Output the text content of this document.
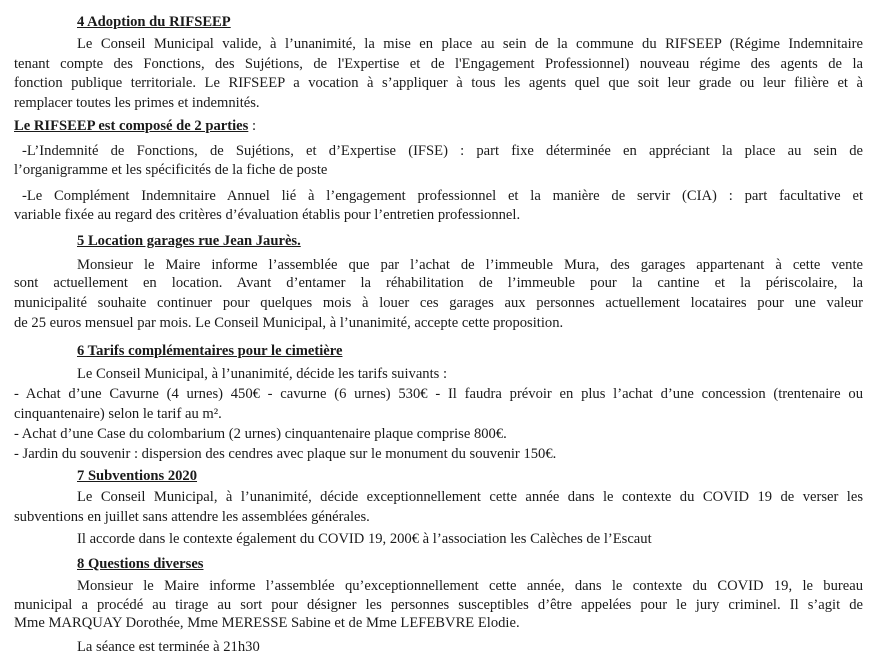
4 Adoption du RIFSEEP
Le Conseil Municipal valide, à l’unanimité, la mise en place au sein de la commune du RIFSEEP (Régime Indemnitaire
tenant compte des Fonctions, des Sujétions, de l'Expertise et de l'Engagement Professionnel) nouveau régime des agents de la
fonction publique territoriale. Le RIFSEEP a vocation à s’appliquer à tous les agents quel que soit leur grade ou leur filière et à
remplacer toutes les primes et indemnités.
Le RIFSEEP est composé de 2 parties :
-L’Indemnité de Fonctions, de Sujétions, et d’Expertise (IFSE) : part fixe déterminée en appréciant la place au sein de
l’organigramme et les spécificités de la fiche de poste
-Le Complément Indemnitaire Annuel lié à l’engagement professionnel et la manière de servir (CIA) : part facultative et
variable fixée au regard des critères d’évaluation établis pour l’entretien professionnel.
5 Location garages rue Jean Jaurès.
Monsieur le Maire informe l’assemblée que par l’achat de l’immeuble Mura, des garages appartenant à cette vente
sont actuellement en location. Avant d’entamer la réhabilitation de l’immeuble pour la cantine et la périscolaire, la
municipalité souhaite continuer pour quelques mois à louer ces garages aux personnes actuellement locataires pour une valeur
de 25 euros mensuel par mois. Le Conseil Municipal, à l’unanimité, accepte cette proposition.
6 Tarifs complémentaires pour le cimetière
Le Conseil Municipal, à l’unanimité, décide les tarifs suivants :
- Achat d’une Cavurne (4 urnes) 450€ - cavurne (6 urnes) 530€ - Il faudra prévoir en plus l’achat d’une concession (trentenaire ou
cinquantenaire) selon le tarif au m².
- Achat d’une Case du colombarium (2 urnes) cinquantenaire plaque comprise 800€.
- Jardin du souvenir : dispersion des cendres avec plaque sur le monument du souvenir 150€.
7 Subventions 2020
Le Conseil Municipal, à l’unanimité, décide exceptionnellement cette année dans le contexte du COVID 19 de verser les
subventions en juillet sans attendre les assemblées générales.
Il accorde dans le contexte également du COVID 19, 200€ à l’association les Calèches de l’Escaut
8 Questions diverses
Monsieur le Maire informe l’assemblée qu’exceptionnellement cette année, dans le contexte du COVID 19, le bureau
municipal a procédé au tirage au sort pour désigner les personnes susceptibles d’être appelées pour le jury criminel. Il s’agit de
Mme MARQUAY Dorothée, Mme MERESSE Sabine et de Mme LEFEBVRE Elodie.
La séance est terminée à 21h30
